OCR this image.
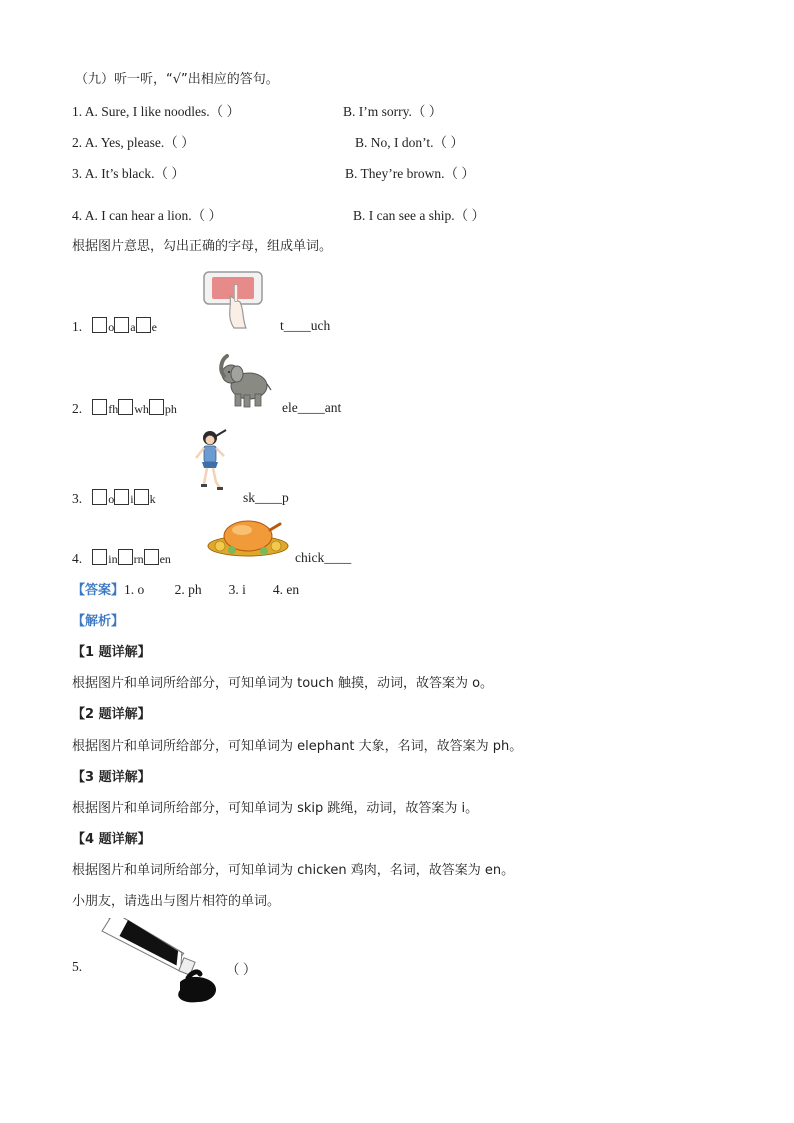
（九）听一听，“√”出相应的答句。
1. A. Sure, I like noodles.（ ）	B. I’m sorry.（ ）
2. A. Yes, please.（ ）	B. No, I don’t.（ ）
3. A. It’s black.（ ）	B. They’re brown.（ ）
4. A. I can hear a lion.（ ）	B. I can see a ship.（ ）
根据图片意思，勾出正确的字母，组成单词。
1. o a e	t____uch
2. fh wh ph	ele____ant
3. o i k	sk____p
4. in rn en	chick____
【答案】1. o 2. ph 3. i 4. en
【解析】
【1 题详解】
根据图片和单词所给部分，可知单词为 touch 触摸，动词，故答案为 o。
【2 题详解】
根据图片和单词所给部分，可知单词为 elephant 大象，名词，故答案为 ph。
【3 题详解】
根据图片和单词所给部分，可知单词为 skip 跳绳，动词，故答案为 i。
【4 题详解】
根据图片和单词所给部分，可知单词为 chicken 鸡肉，名词，故答案为 en。
小朋友，请选出与图片相符的单词。
5.	（ ）
